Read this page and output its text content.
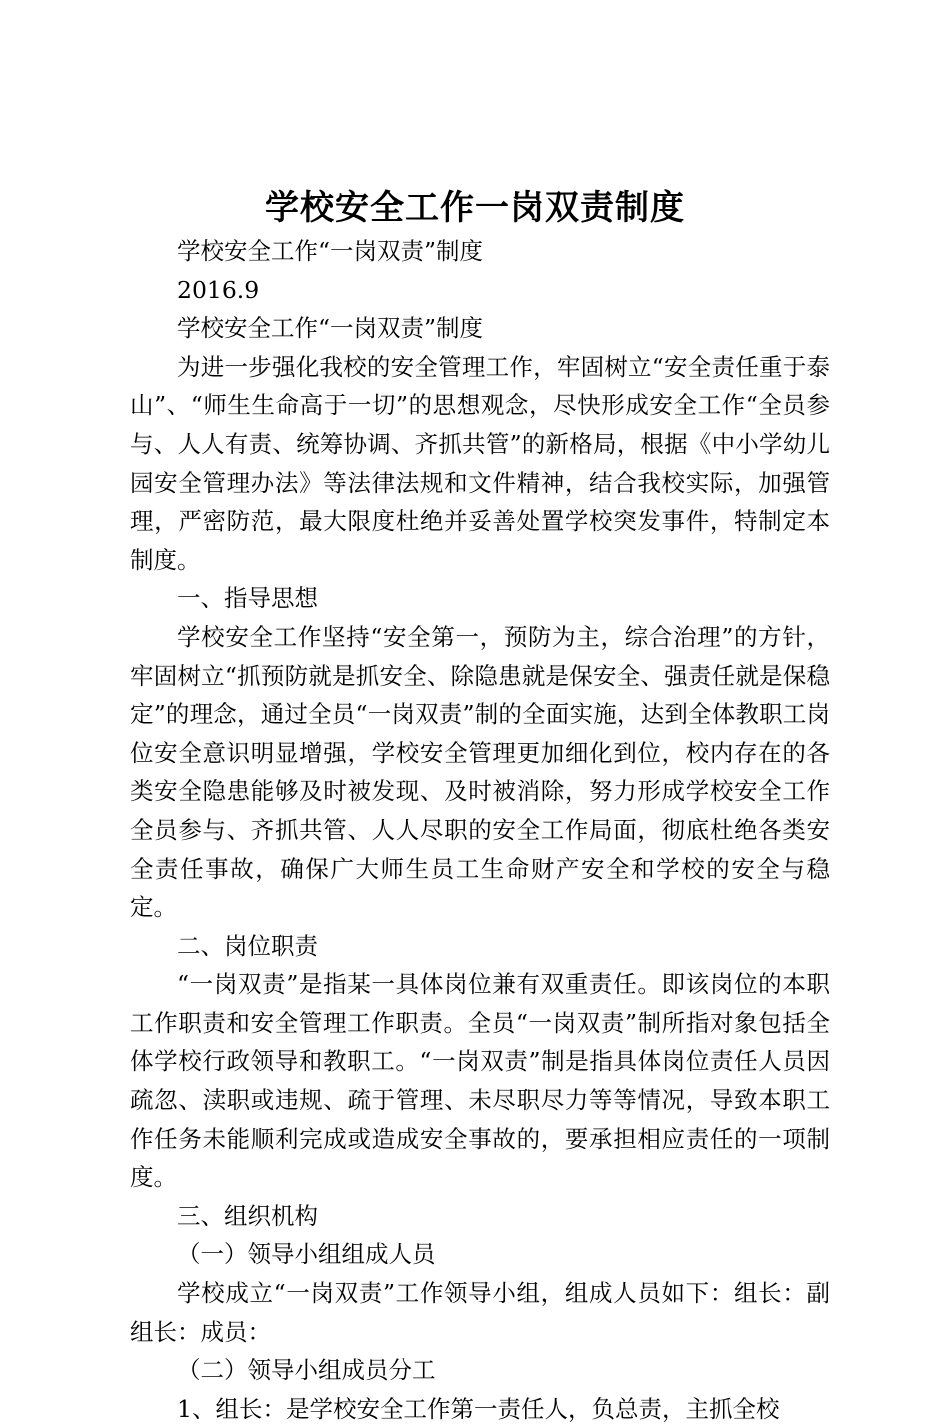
学校安全工作一岗双责制度

学校安全工作“一岗双责”制度

2016.9

学校安全工作“一岗双责”制度

为进一步强化我校的安全管理工作，牢固树立“安全责任重于泰山”、“师生生命高于一切”的思想观念，尽快形成安全工作“全员参与、人人有责、统筹协调、齐抓共管”的新格局，根据《中小学幼儿园安全管理办法》等法律法规和文件精神，结合我校实际，加强管理，严密防范，最大限度杜绝并妥善处置学校突发事件，特制定本制度。

一、指导思想

学校安全工作坚持“安全第一，预防为主，综合治理”的方针，牢固树立“抓预防就是抓安全、除隐患就是保安全、强责任就是保稳定”的理念，通过全员“一岗双责”制的全面实施，达到全体教职工岗位安全意识明显增强，学校安全管理更加细化到位，校内存在的各类安全隐患能够及时被发现、及时被消除，努力形成学校安全工作全员参与、齐抓共管、人人尽职的安全工作局面，彻底杜绝各类安全责任事故，确保广大师生员工生命财产安全和学校的安全与稳定。

二、岗位职责

“一岗双责”是指某一具体岗位兼有双重责任。即该岗位的本职工作职责和安全管理工作职责。全员“一岗双责”制所指对象包括全体学校行政领导和教职工。“一岗双责”制是指具体岗位责任人员因疏忽、渎职或违规、疏于管理、未尽职尽力等等情况，导致本职工作任务未能顺利完成或造成安全事故的，要承担相应责任的一项制度。

三、组织机构

（一）领导小组组成人员

学校成立“一岗双责”工作领导小组，组成人员如下：组长：副组长：成员：

（二）领导小组成员分工

1、组长：是学校安全工作第一责任人，负总责，主抓全校
